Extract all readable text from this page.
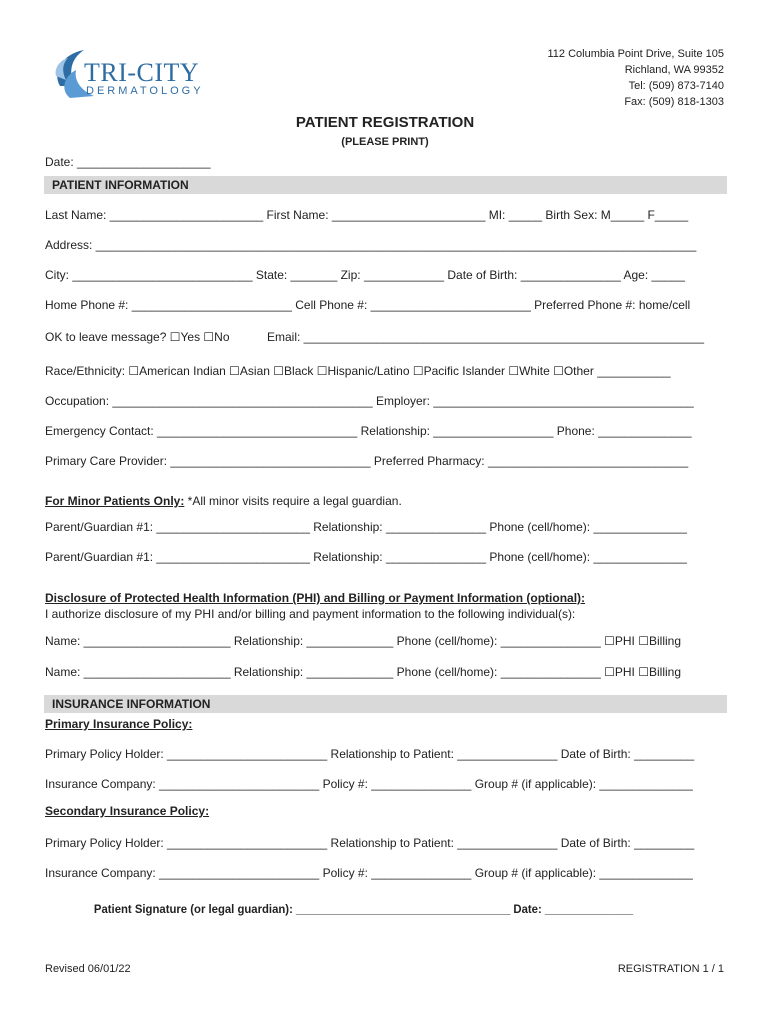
TRI-CITY
DERMATOLOGY
112 Columbia Point Drive, Suite 105
Richland, WA 99352
Tel: (509) 873-7140
Fax: (509) 818-1303
PATIENT REGISTRATION
(PLEASE PRINT)
Date: ____________________
PATIENT INFORMATION
Last Name: _______________________ First Name: _______________________ MI: _____ Birth Sex: M_____ F_____
Address: __________________________________________________________________________________________
City: ___________________________ State: _______ Zip: ____________ Date of Birth: _______________ Age: _____
Home Phone #: ________________________ Cell Phone #: ________________________ Preferred Phone #: home/cell
OK to leave message? ☐Yes ☐No	Email: ____________________________________________________________
Race/Ethnicity: ☐American Indian ☐Asian ☐Black ☐Hispanic/Latino ☐Pacific Islander ☐White ☐Other ___________
Occupation: _______________________________________ Employer: _______________________________________
Emergency Contact: ______________________________ Relationship: __________________ Phone: ______________
Primary Care Provider: ______________________________ Preferred Pharmacy: ______________________________
For Minor Patients Only: *All minor visits require a legal guardian.
Parent/Guardian #1: _______________________ Relationship: _______________ Phone (cell/home): ______________
Parent/Guardian #1: _______________________ Relationship: _______________ Phone (cell/home): ______________
Disclosure of Protected Health Information (PHI) and Billing or Payment Information (optional):
I authorize disclosure of my PHI and/or billing and payment information to the following individual(s):
Name: ______________________ Relationship: _____________ Phone (cell/home): _______________ ☐PHI ☐Billing
Name: ______________________ Relationship: _____________ Phone (cell/home): _______________ ☐PHI ☐Billing
INSURANCE INFORMATION
Primary Insurance Policy:
Primary Policy Holder: ________________________ Relationship to Patient: _______________ Date of Birth: _________
Insurance Company: ________________________ Policy #: _______________ Group # (if applicable): ______________
Secondary Insurance Policy:
Primary Policy Holder: ________________________ Relationship to Patient: _______________ Date of Birth: _________
Insurance Company: ________________________ Policy #: _______________ Group # (if applicable): ______________
Patient Signature (or legal guardian): __________________________________ Date: ______________
Revised 06/01/22	REGISTRATION 1 / 1
